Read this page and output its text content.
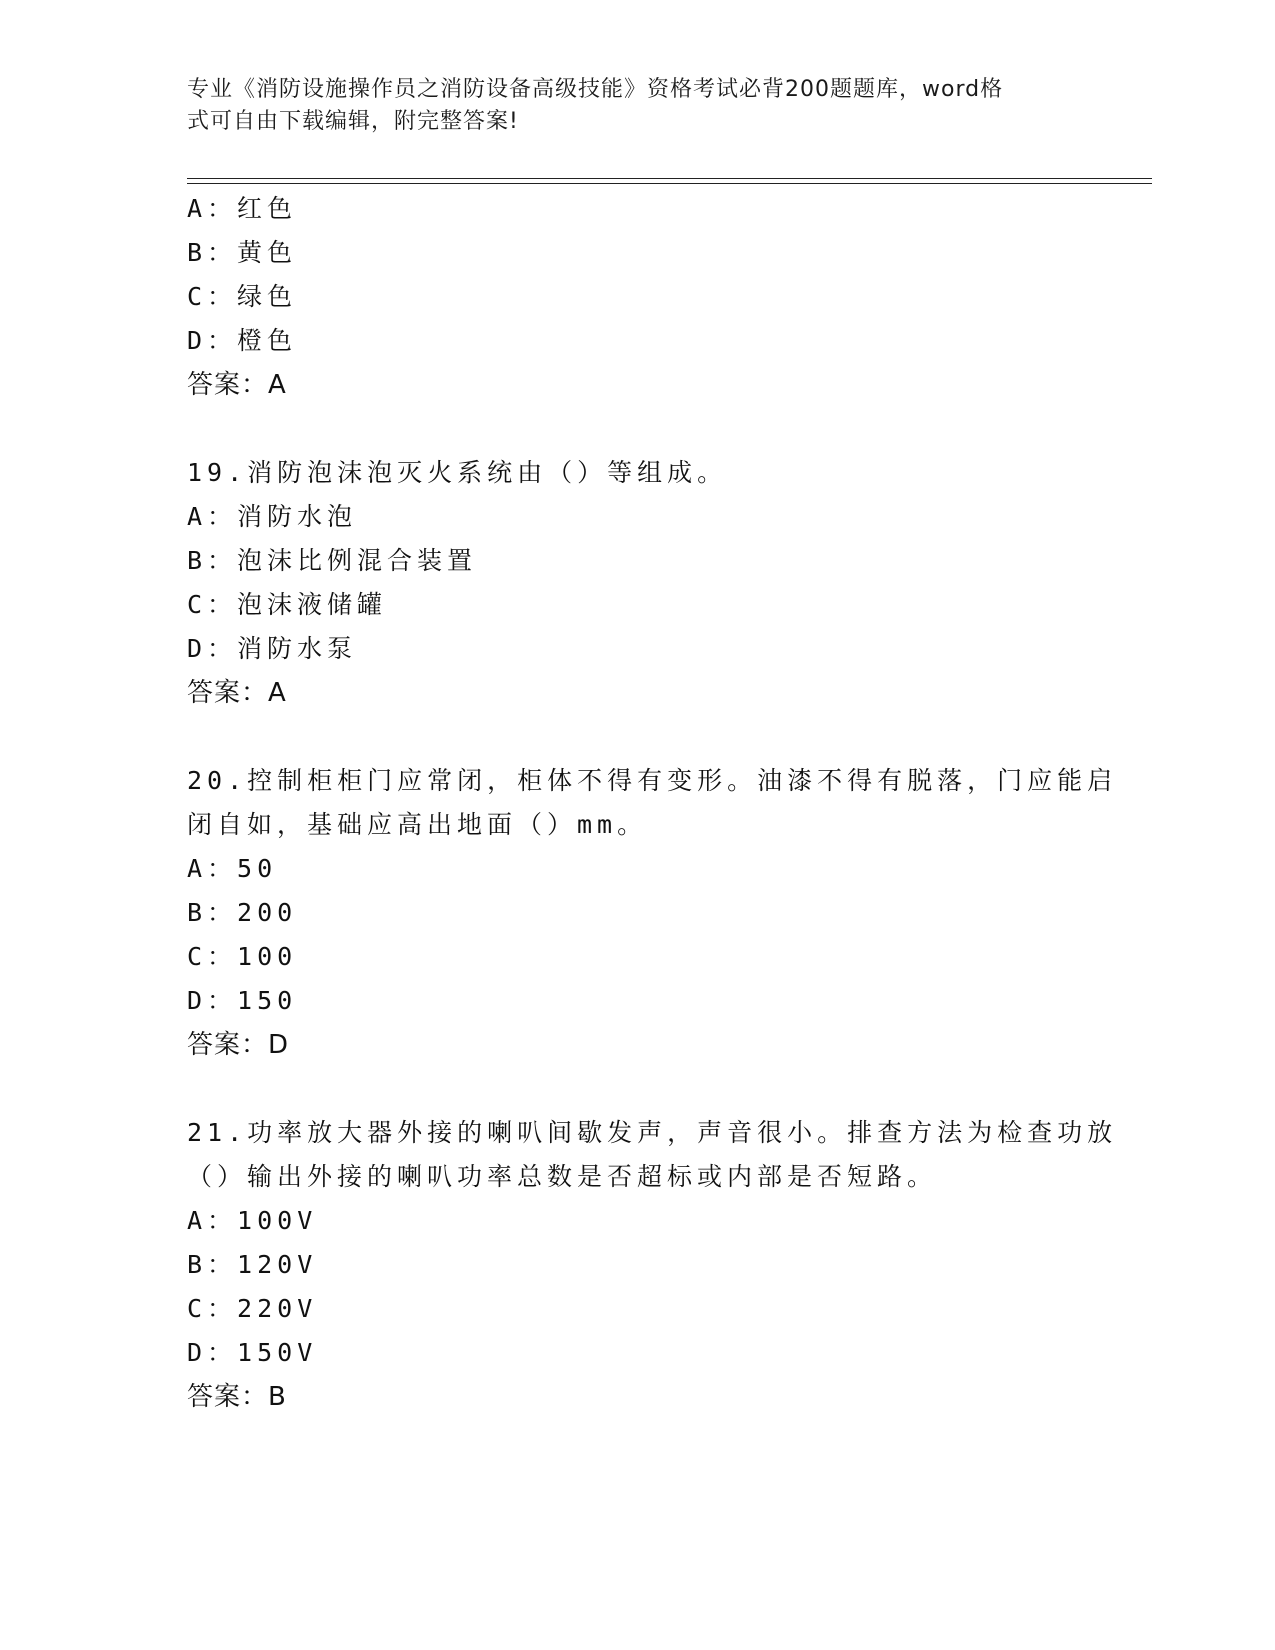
专业《消防设施操作员之消防设备高级技能》资格考试必背200题题库，word格
式可自由下载编辑，附完整答案!
A：红色
B：黄色
C：绿色
D：橙色
答案：A
19.消防泡沫泡灭火系统由（）等组成。
A：消防水泡
B：泡沫比例混合装置
C：泡沫液储罐
D：消防水泵
答案：A
20.控制柜柜门应常闭，柜体不得有变形。油漆不得有脱落，门应能启
闭自如，基础应高出地面（）mm。
A：50
B：200
C：100
D：150
答案：D
21.功率放大器外接的喇叭间歇发声，声音很小。排查方法为检查功放
（）输出外接的喇叭功率总数是否超标或内部是否短路。
A：100V
B：120V
C：220V
D：150V
答案：B
